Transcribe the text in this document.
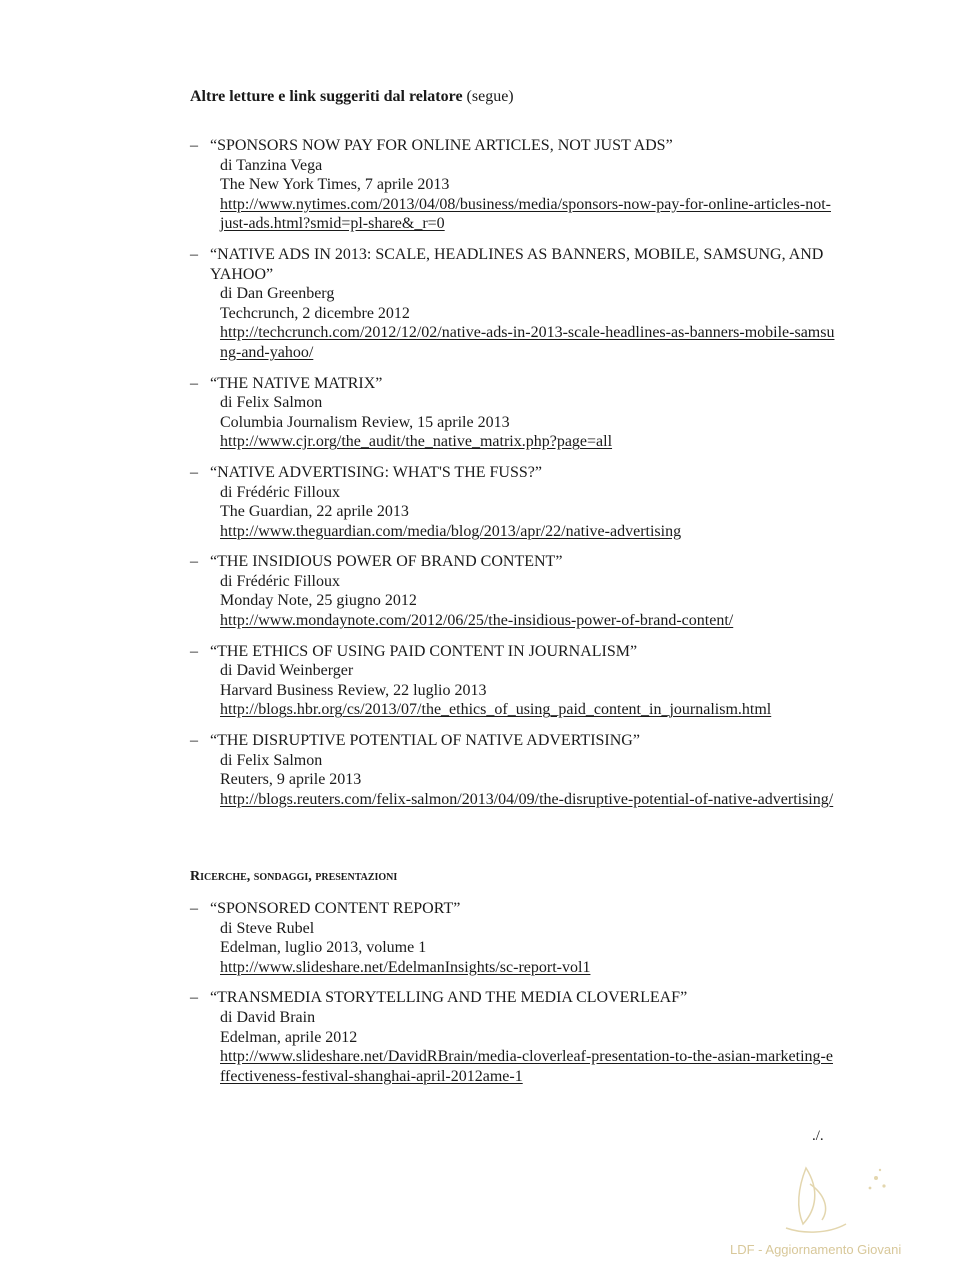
Altre letture e link suggeriti dal relatore (segue)
– “SPONSORS NOW PAY FOR ONLINE ARTICLES, NOT JUST ADS”
di Tanzina Vega
The New York Times, 7 aprile 2013
http://www.nytimes.com/2013/04/08/business/media/sponsors-now-pay-for-online-articles-not-just-ads.html?smid=pl-share&_r=0
– “NATIVE ADS IN 2013: SCALE, HEADLINES AS BANNERS, MOBILE, SAMSUNG, AND YAHOO”
di Dan Greenberg
Techcrunch, 2 dicembre 2012
http://techcrunch.com/2012/12/02/native-ads-in-2013-scale-headlines-as-banners-mobile-samsung-and-yahoo/
– “THE NATIVE MATRIX”
di Felix Salmon
Columbia Journalism Review, 15 aprile 2013
http://www.cjr.org/the_audit/the_native_matrix.php?page=all
– “NATIVE ADVERTISING: WHAT'S THE FUSS?”
di Frédéric Filloux
The Guardian, 22 aprile 2013
http://www.theguardian.com/media/blog/2013/apr/22/native-advertising
– “THE INSIDIOUS POWER OF BRAND CONTENT”
di Frédéric Filloux
Monday Note, 25 giugno 2012
http://www.mondaynote.com/2012/06/25/the-insidious-power-of-brand-content/
– “THE ETHICS OF USING PAID CONTENT IN JOURNALISM”
di David Weinberger
Harvard Business Review, 22 luglio 2013
http://blogs.hbr.org/cs/2013/07/the_ethics_of_using_paid_content_in_journalism.html
– “THE DISRUPTIVE POTENTIAL OF NATIVE ADVERTISING”
di Felix Salmon
Reuters, 9 aprile 2013
http://blogs.reuters.com/felix-salmon/2013/04/09/the-disruptive-potential-of-native-advertising/
Ricerche, sondaggi, presentazioni
– “SPONSORED CONTENT REPORT”
di Steve Rubel
Edelman, luglio 2013, volume 1
http://www.slideshare.net/EdelmanInsights/sc-report-vol1
– “TRANSMEDIA STORYTELLING AND THE MEDIA CLOVERLEAF”
di David Brain
Edelman, aprile 2012
http://www.slideshare.net/DavidRBrain/media-cloverleaf-presentation-to-the-asian-marketing-effectiveness-festival-shanghai-april-2012ame-1
./.
LDF - Aggiornamento Giovani
